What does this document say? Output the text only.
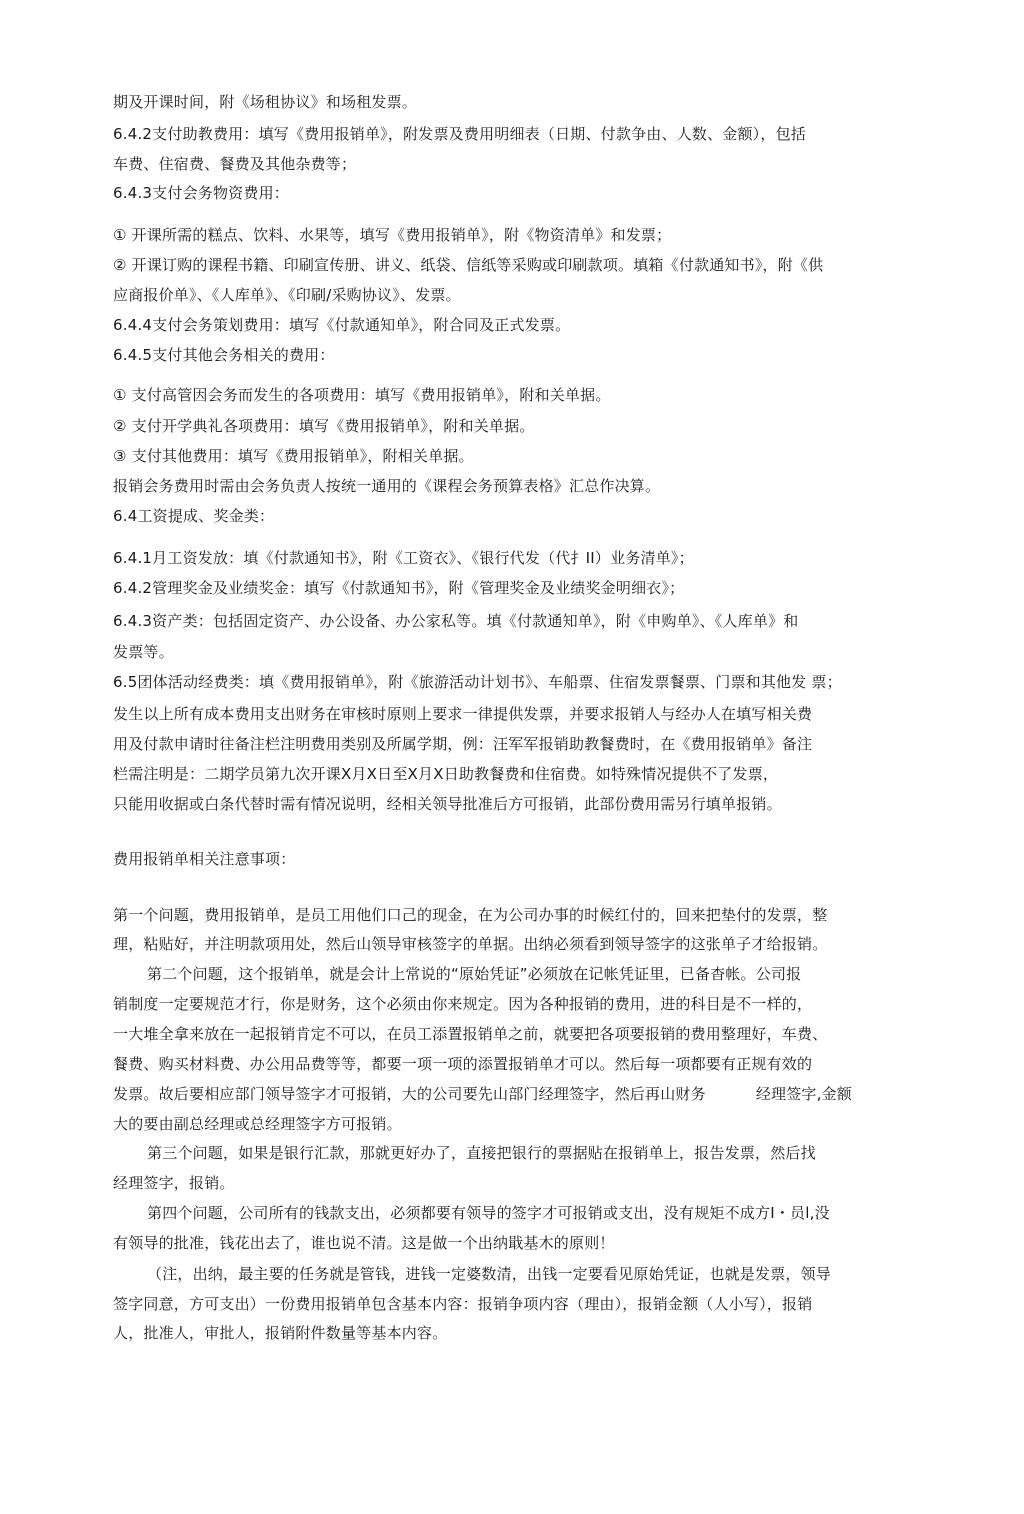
期及开课时间，附《场租协议》和场租发票。
6.4.2支付助教费用：填写《费用报销单》，附发票及费用明细表（日期、付款争由、人数、金额），包括
车费、住宿费、餐费及其他杂费等；
6.4.3支付会务物资费用：
① 开课所需的糕点、饮料、水果等，填写《费用报销单》，附《物资清单》和发票；
② 开课订购的课程书籍、印刷宣传册、讲义、纸袋、信纸等采购或印刷款项。填箱《付款通知书》，附《供
应商报价单》、《人库单》、《印刷/采购协议》、发票。
6.4.4支付会务策划费用：填写《付款通知单》，附合同及正式发票。
6.4.5支付其他会务相关的费用：
① 支付高管因会务而发生的各项费用：填写《费用报销单》，附和关单据。
② 支付开学典礼各项费用：填写《费用报销单》，附和关单据。
③ 支付其他费用：填写《费用报销单》，附相关单据。
报销会务费用时需由会务负责人按统一通用的《课程会务预算表格》汇总作决算。
6.4工资提成、奖金类：
6.4.1月工资发放：填《付款通知书》，附《工资衣》、《银行代发（代扌II）业务清单》；
6.4.2管理奖金及业绩奖金：填写《付款通知书》，附《管理奖金及业绩奖金明细衣》；
6.4.3资产类：包括固定资产、办公设备、办公家私等。填《付款通知单》，附《申购单》、《人库单》和
发票等。
6.5团体活动经费类：填《费用报销单》，附《旅游活动计划书》、车船票、住宿发票餐票、门票和其他发 票；
发生以上所有成本费用支出财务在审核时原则上要求一律提供发票，并要求报销人与经办人在填写相关费
用及付款申请时往备注栏注明费用类别及所属学期，例：汪军军报销助教餐费时，在《费用报销单》备注
栏需注明是：二期学员第九次开课X月X日至X月X日助教餐费和住宿费。如特殊情况提供不了发票，
只能用收据或白条代替时需有情况说明，经相关领导批准后方可报销，此部份费用需另行填单报销。
费用报销单相关注意事项：
第一个问题，费用报销单，是员工用他们口己的现金，在为公司办事的时候红付的，回来把垫付的发票，整
理，粘贴好，并注明款项用处，然后山领导审核签字的单据。出纳必须看到领导签字的这张单子才给报销。
第二个问题，这个报销单，就是会计上常说的“原始凭证”必须放在记帐凭证里，已备杳帐。公司报
销制度一定要规范才行，你是财务，这个必须由你来规定。因为各种报销的费用，进的科目是不一样的，
一大堆全拿来放在一起报销肯定不可以，在员工添置报销单之前，就要把各项要报销的费用整理好，车费、
餐费、购买材料费、办公用品费等等，都要一项一项的添置报销单才可以。然后每一项都要有正规有效的
发票。故后要相应部门领导签字才可报销，大的公司要先山部门经理签字，然后再山财务	经理签字,金额
大的要由副总经理或总经理签字方可报销。
第三个问题，如果是银行汇款，那就更好办了，直接把银行的票据贴在报销单上，报告发票，然后找
经理签字，报销。
第四个问题，公司所有的钱款支出，必须都要有领导的签字才可报销或支出，没有规矩不成方I・员l,没
有领导的批准，钱花出去了，谁也说不清。这是做一个出纳戢基木的原则！
（注，出纳，最主要的任务就是管钱，进钱一定婆数清，出钱一定要看见原始凭证，也就是发票，领导
签字同意，方可支出）一份费用报销单包含基本内容：报销争项内容（理由），报销金额（人小写），报销
人，批准人，审批人，报销附件数量等基本内容。
